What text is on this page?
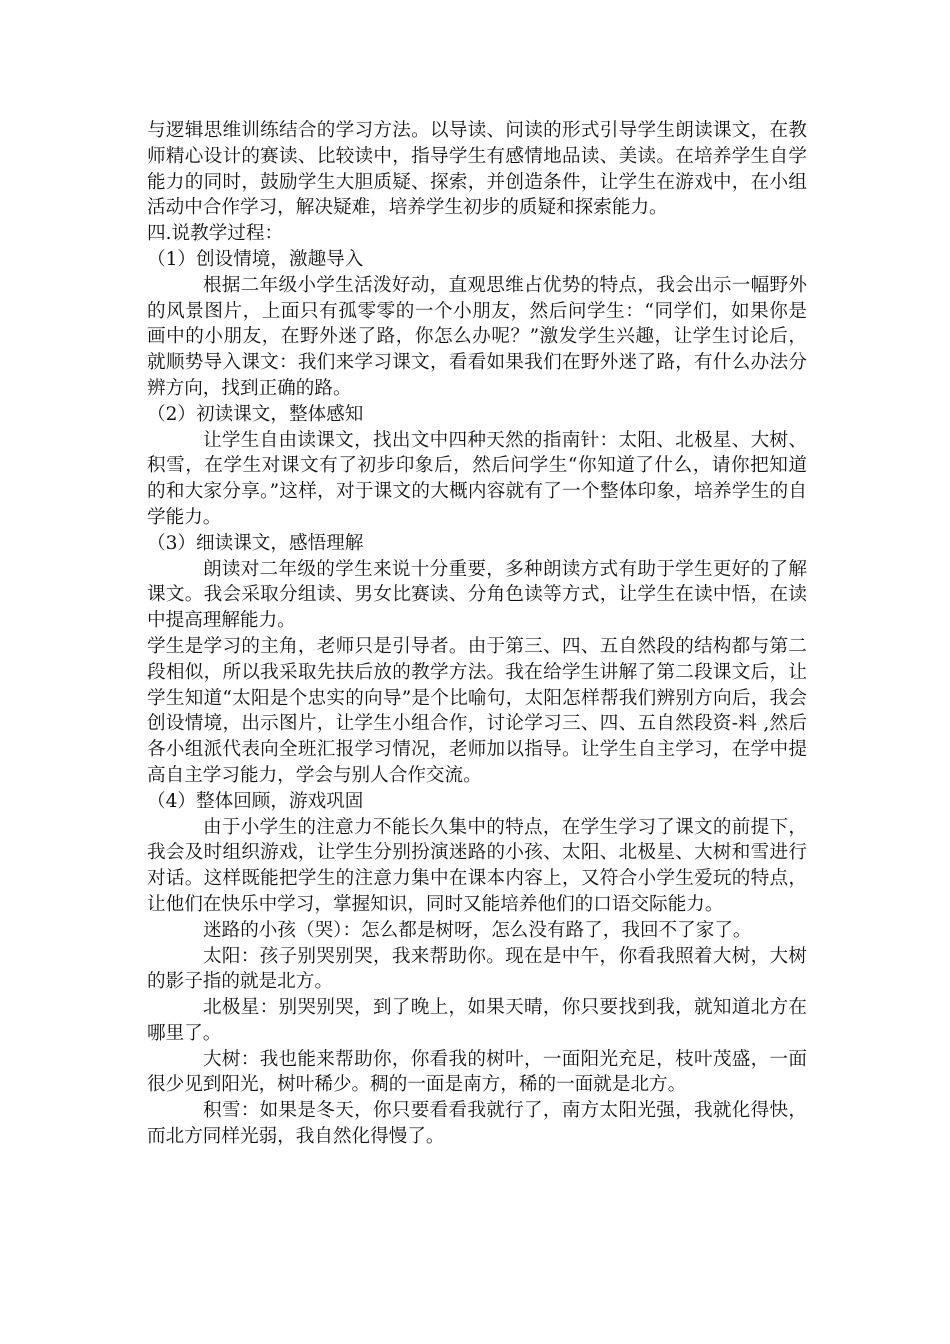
与逻辑思维训练结合的学习方法。以导读、问读的形式引导学生朗读课文，在教师精心设计的赛读、比较读中，指导学生有感情地品读、美读。在培养学生自学能力的同时，鼓励学生大胆质疑、探索，并创造条件，让学生在游戏中，在小组活动中合作学习，解决疑难，培养学生初步的质疑和探索能力。

四.说教学过程：

（1）创设情境，激趣导入

根据二年级小学生活泼好动，直观思维占优势的特点，我会出示一幅野外的风景图片，上面只有孤零零的一个小朋友，然后问学生：“同学们，如果你是画中的小朋友，在野外迷了路，你怎么办呢？”激发学生兴趣，让学生讨论后，就顺势导入课文：我们来学习课文，看看如果我们在野外迷了路，有什么办法分辨方向，找到正确的路。

（2）初读课文，整体感知

让学生自由读课文，找出文中四种天然的指南针：太阳、北极星、大树、积雪，在学生对课文有了初步印象后，然后问学生“你知道了什么，请你把知道的和大家分享。”这样，对于课文的大概内容就有了一个整体印象，培养学生的自学能力。

（3）细读课文，感悟理解

朗读对二年级的学生来说十分重要，多种朗读方式有助于学生更好的了解课文。我会采取分组读、男女比赛读、分角色读等方式，让学生在读中悟，在读中提高理解能力。

学生是学习的主角，老师只是引导者。由于第三、四、五自然段的结构都与第二段相似，所以我采取先扶后放的教学方法。我在给学生讲解了第二段课文后，让学生知道“太阳是个忠实的向导”是个比喻句，太阳怎样帮我们辨别方向后，我会创设情境，出示图片，让学生小组合作，讨论学习三、四、五自然段资-料 ,然后各小组派代表向全班汇报学习情况，老师加以指导。让学生自主学习，在学中提高自主学习能力，学会与别人合作交流。

（4）整体回顾，游戏巩固

由于小学生的注意力不能长久集中的特点，在学生学习了课文的前提下，我会及时组织游戏，让学生分别扮演迷路的小孩、太阳、北极星、大树和雪进行对话。这样既能把学生的注意力集中在课本内容上，又符合小学生爱玩的特点，让他们在快乐中学习，掌握知识，同时又能培养他们的口语交际能力。

迷路的小孩（哭）：怎么都是树呀，怎么没有路了，我回不了家了。

太阳：孩子别哭别哭，我来帮助你。现在是中午，你看我照着大树，大树的影子指的就是北方。

北极星：别哭别哭，到了晚上，如果天晴，你只要找到我，就知道北方在哪里了。

大树：我也能来帮助你，你看我的树叶，一面阳光充足，枝叶茂盛，一面很少见到阳光，树叶稀少。稠的一面是南方，稀的一面就是北方。

积雪：如果是冬天，你只要看看我就行了，南方太阳光强，我就化得快，而北方同样光弱，我自然化得慢了。
